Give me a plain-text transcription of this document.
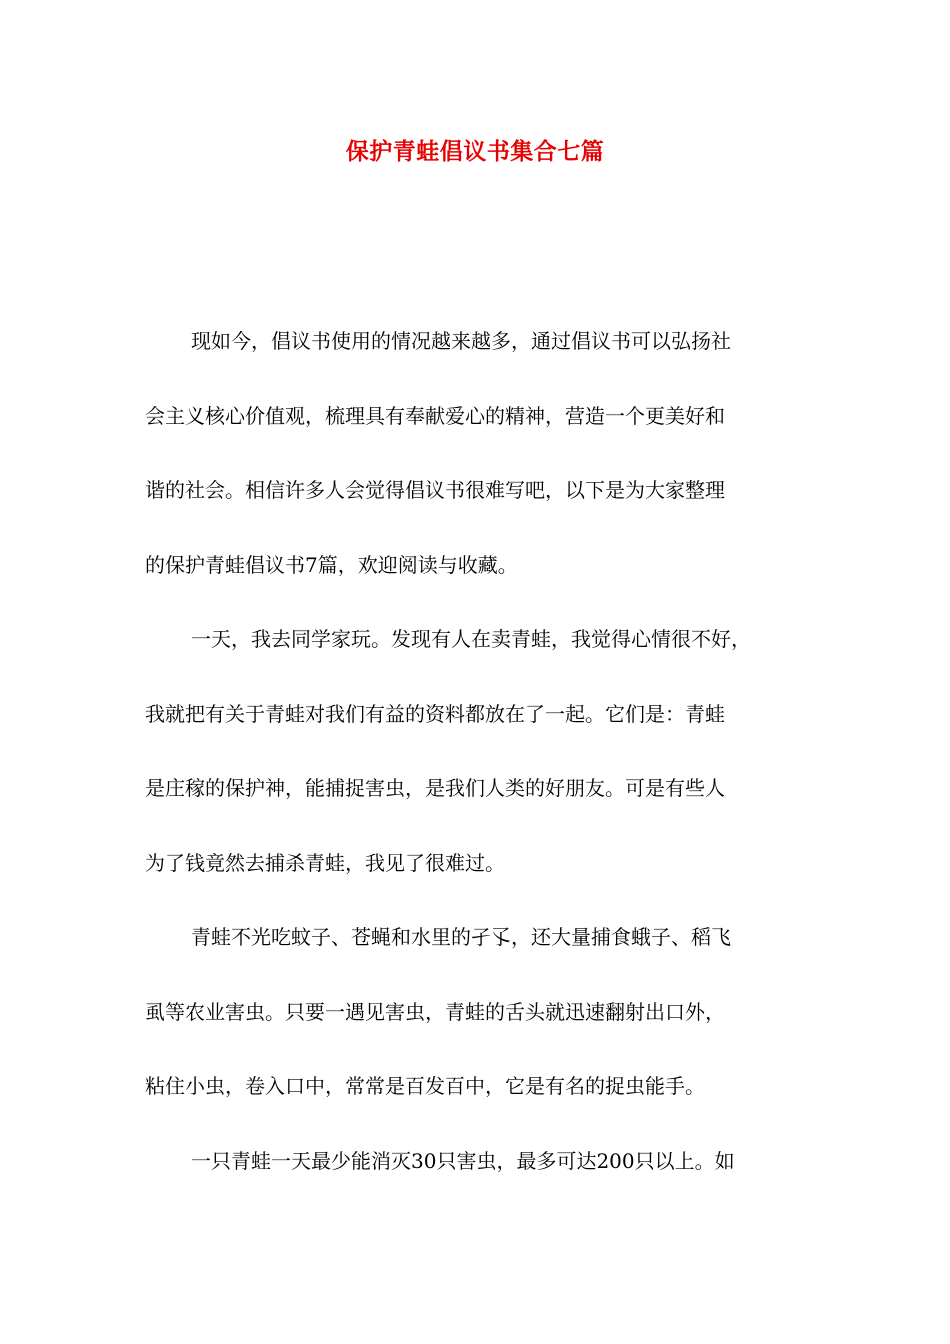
保护青蛙倡议书集合七篇
现如今，倡议书使用的情况越来越多，通过倡议书可以弘扬社
会主义核心价值观，梳理具有奉献爱心的精神，营造一个更美好和
谐的社会。相信许多人会觉得倡议书很难写吧，以下是为大家整理
的保护青蛙倡议书7篇，欢迎阅读与收藏。
一天，我去同学家玩。发现有人在卖青蛙，我觉得心情很不好，
我就把有关于青蛙对我们有益的资料都放在了一起。它们是：青蛙
是庄稼的保护神，能捕捉害虫，是我们人类的好朋友。可是有些人
为了钱竟然去捕杀青蛙，我见了很难过。
青蛙不光吃蚊子、苍蝇和水里的孑孓，还大量捕食蛾子、稻飞
虱等农业害虫。只要一遇见害虫，青蛙的舌头就迅速翻射出口外，
粘住小虫，卷入口中，常常是百发百中，它是有名的捉虫能手。
一只青蛙一天最少能消灭30只害虫，最多可达200只以上。如
